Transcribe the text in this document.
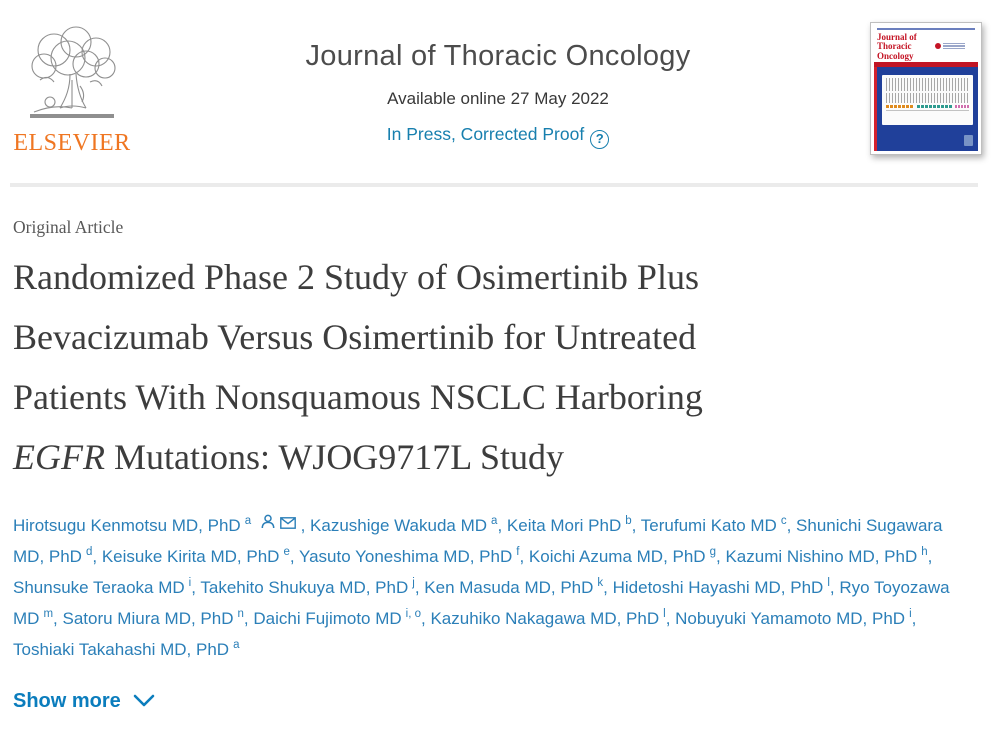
ELSEVIER
Journal of Thoracic Oncology
Available online 27 May 2022
In Press, Corrected Proof ?
Journal of Thoracic Oncology
Original Article
Randomized Phase 2 Study of Osimertinib Plus
Bevacizumab Versus Osimertinib for Untreated
Patients With Nonsquamous NSCLC Harboring
EGFR Mutations: WJOG9717L Study

Hirotsugu Kenmotsu MD, PhD $^a$	, Kazushige Wakuda MD $^a$, Keita Mori PhD $^b$, Terufumi Kato MD $^c$, Shunichi Sugawara MD, PhD $^d$, Keisuke Kirita MD, PhD $^e$, Yasuto Yoneshima MD, PhD $^f$, Koichi Azuma MD, PhD $^g$, Kazumi Nishino MD, PhD $^h$, Shunsuke Teraoka MD $^i$, Takehito Shukuya MD, PhD $^j$, Ken Masuda MD, PhD $^k$, Hidetoshi Hayashi MD, PhD $^l$, Ryo Toyozawa MD $^m$, Satoru Miura MD, PhD $^n$, Daichi Fujimoto MD $^{i, o}$, Kazuhiko Nakagawa MD, PhD $^l$, Nobuyuki Yamamoto MD, PhD $^i$, Toshiaki Takahashi MD, PhD $^a$

Show more
